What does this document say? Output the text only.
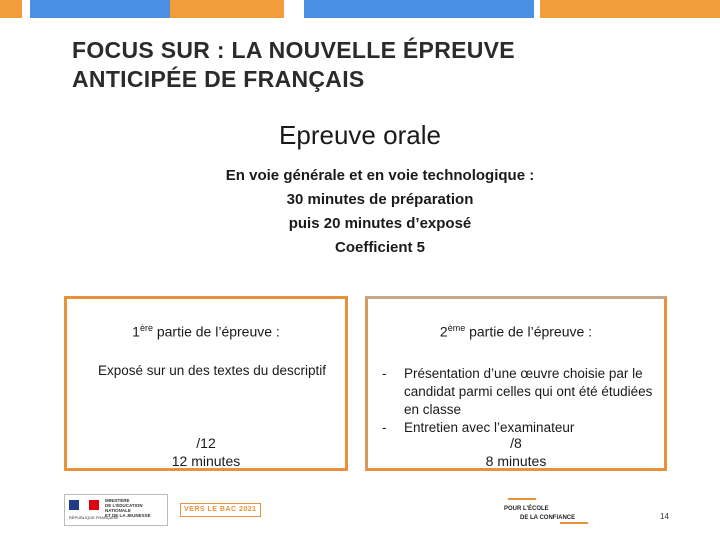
FOCUS SUR : LA NOUVELLE ÉPREUVE
ANTICIPÉE DE FRANÇAIS
Epreuve orale
En voie générale et en voie technologique :
30 minutes de préparation
puis 20 minutes d’exposé
Coefficient 5
1ère partie de l’épreuve :
Exposé sur un des textes du descriptif
2ème partie de l’épreuve :
- Présentation d’une œuvre choisie par le candidat parmi celles qui ont été étudiées en classe
- Entretien avec l’examinateur
/12
12 minutes
/8
8 minutes
MINISTÈRE
DE L’ÉDUCATION
NATIONALE
ET DE LA JEUNESSE
RÉPUBLIQUE FRANÇAISE
VERS LE BAC 2021	POUR L’ÉCOLE
DE LA CONFIANCE	14
